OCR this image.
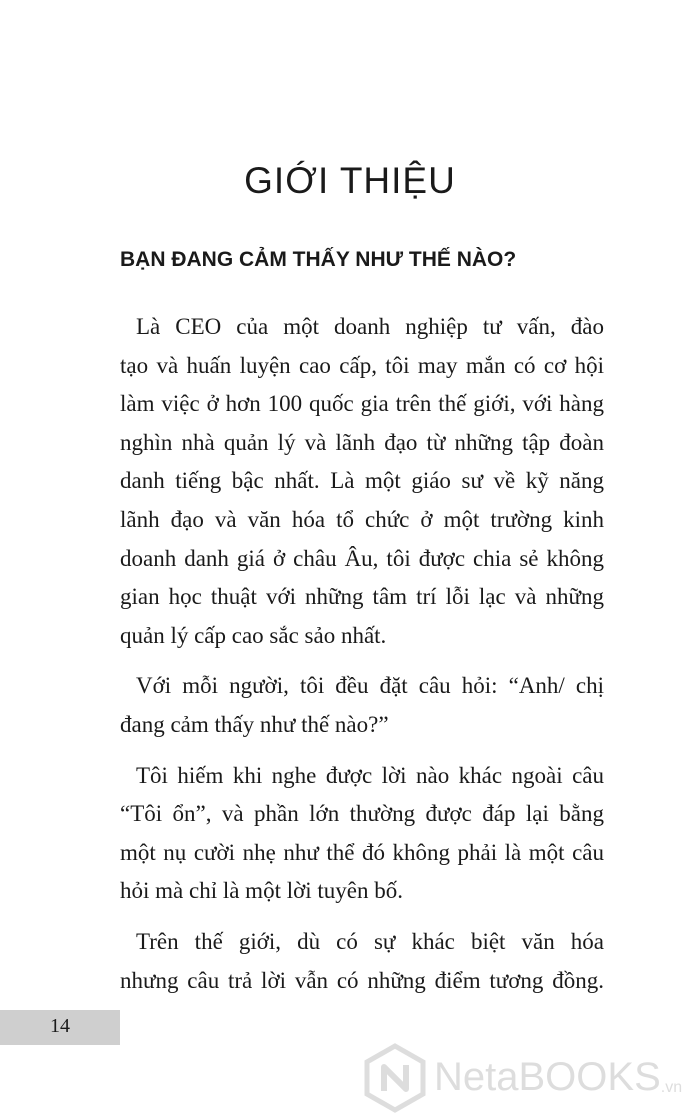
GIỚI THIỆU
BẠN ĐANG CẢM THẤY NHƯ THẾ NÀO?
Là CEO của một doanh nghiệp tư vấn, đào
tạo và huấn luyện cao cấp, tôi may mắn có cơ hội
làm việc ở hơn 100 quốc gia trên thế giới, với hàng
nghìn nhà quản lý và lãnh đạo từ những tập đoàn
danh tiếng bậc nhất. Là một giáo sư về kỹ năng
lãnh đạo và văn hóa tổ chức ở một trường kinh
doanh danh giá ở châu Âu, tôi được chia sẻ không
gian học thuật với những tâm trí lỗi lạc và những
quản lý cấp cao sắc sảo nhất.
Với mỗi người, tôi đều đặt câu hỏi: “Anh/ chị
đang cảm thấy như thế nào?”
Tôi hiếm khi nghe được lời nào khác ngoài câu
“Tôi ổn”, và phần lớn thường được đáp lại bằng
một nụ cười nhẹ như thể đó không phải là một câu
hỏi mà chỉ là một lời tuyên bố.
Trên thế giới, dù có sự khác biệt văn hóa
nhưng câu trả lời vẫn có những điểm tương đồng.
14
NetaBOOKS .vn
